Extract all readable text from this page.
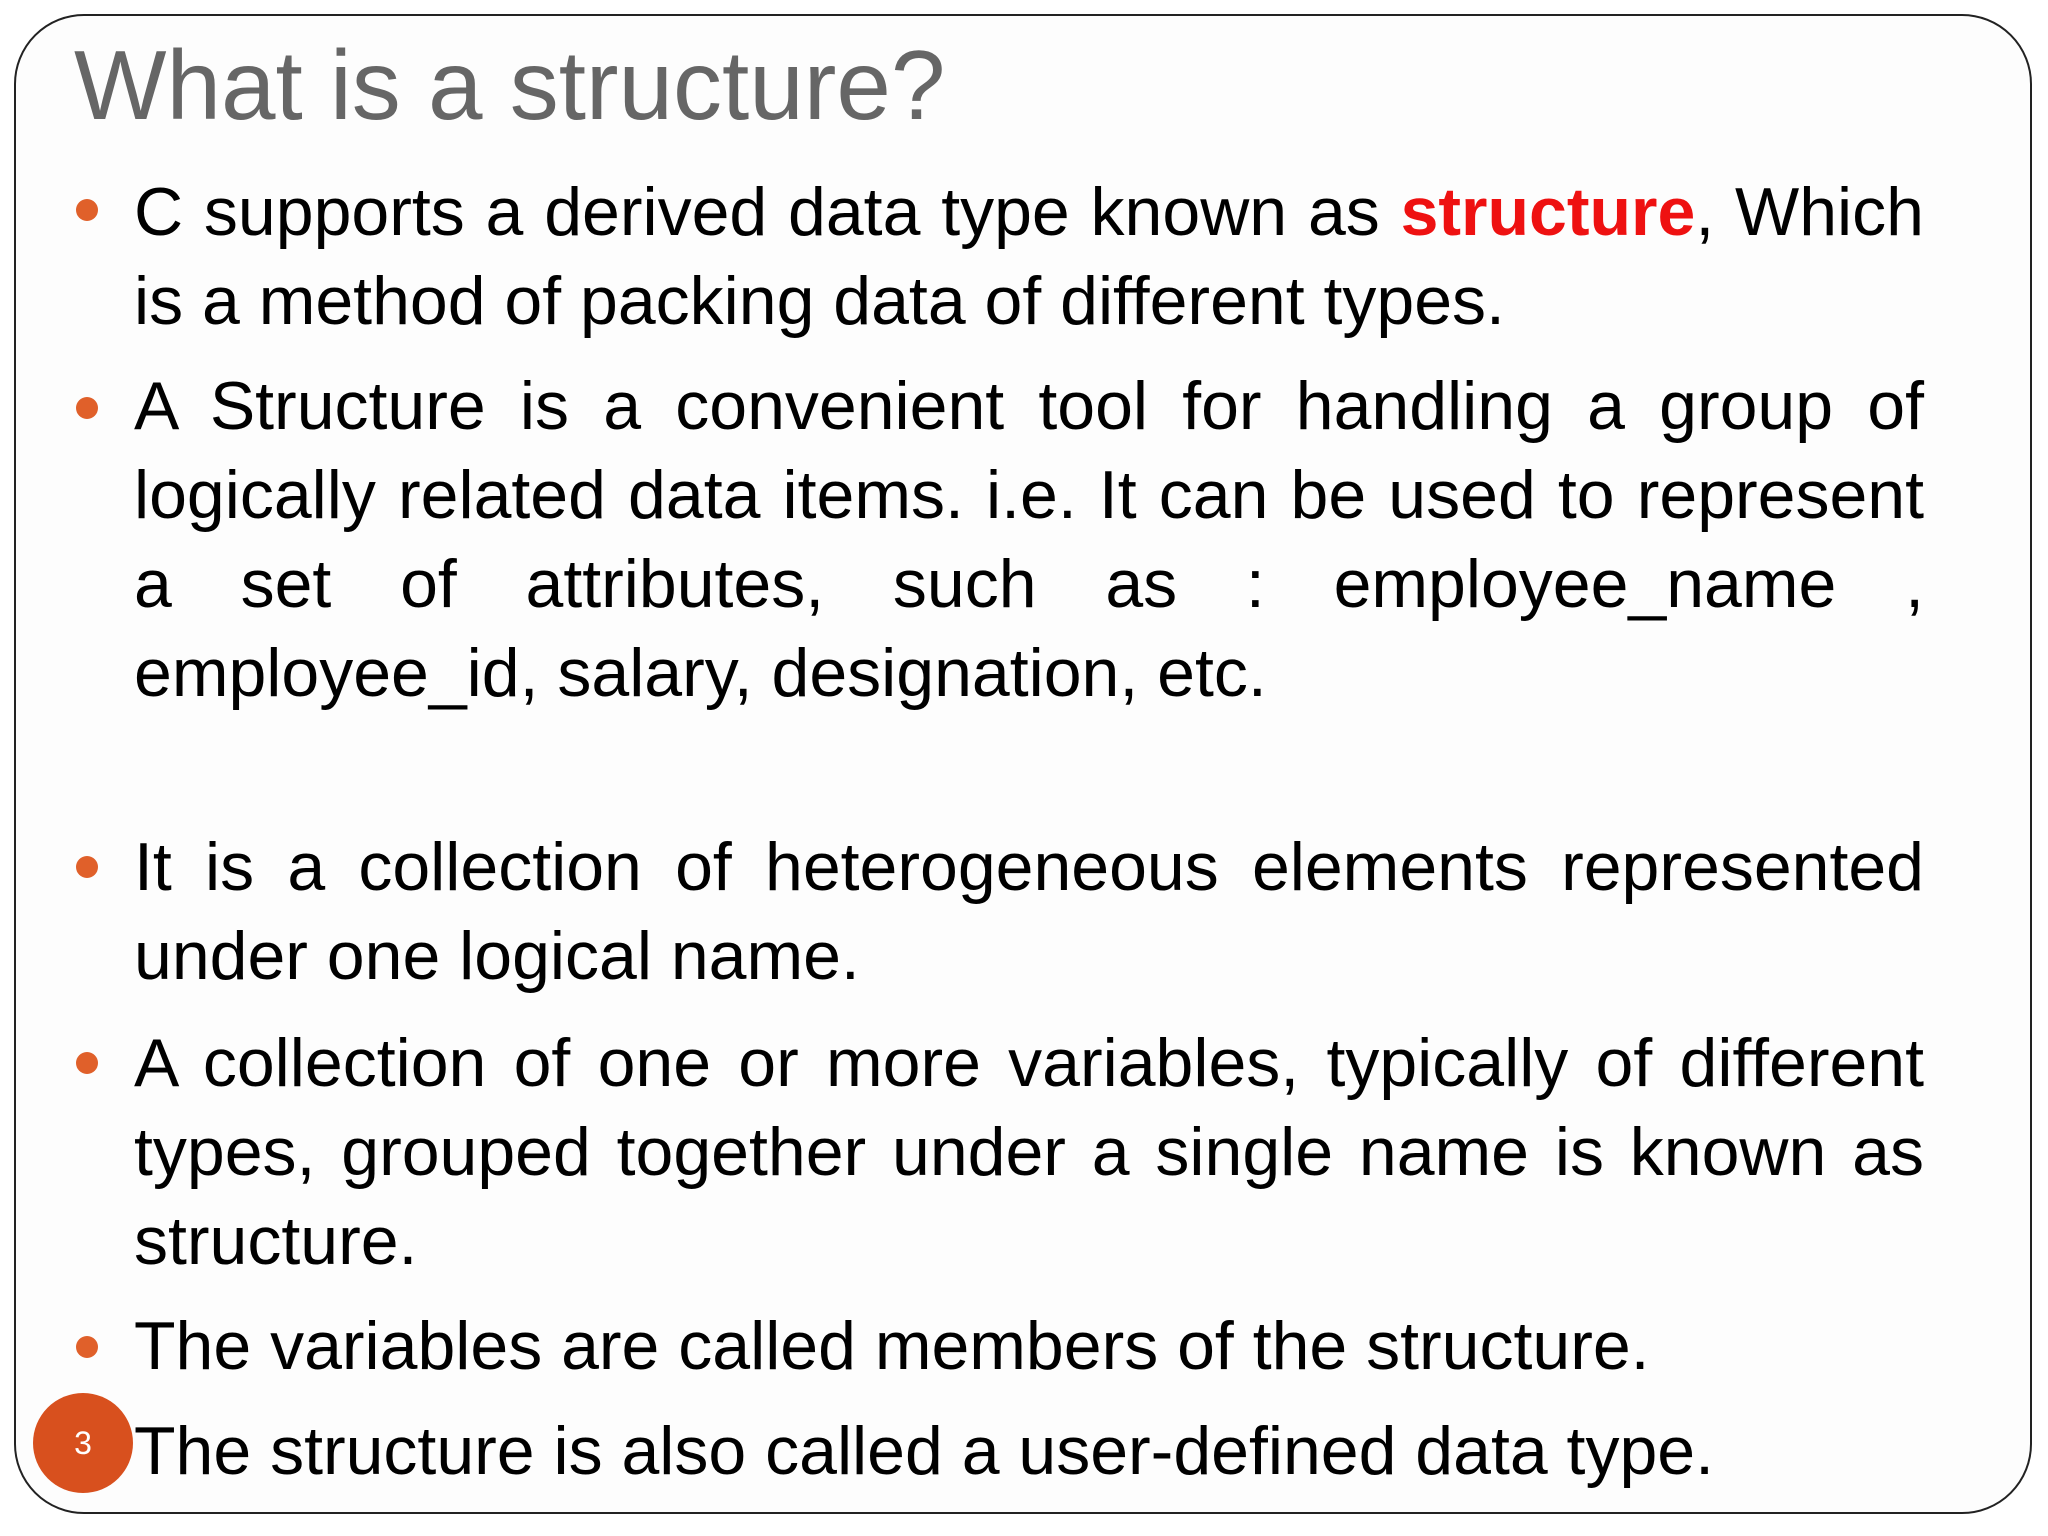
What is a structure?

C supports a derived data type known as structure, Which is a method of packing data of different types.

A Structure is a convenient tool for handling a group of logically related data items. i.e. It can be used to represent a set of attributes, such as : employee_name , employee_id, salary, designation, etc.

It is a collection of heterogeneous elements represented under one logical name.

A collection of one or more variables, typically of different types, grouped together under a single name is known as structure.

The variables are called members of the structure.

The structure is also called a user-defined data type.

3
